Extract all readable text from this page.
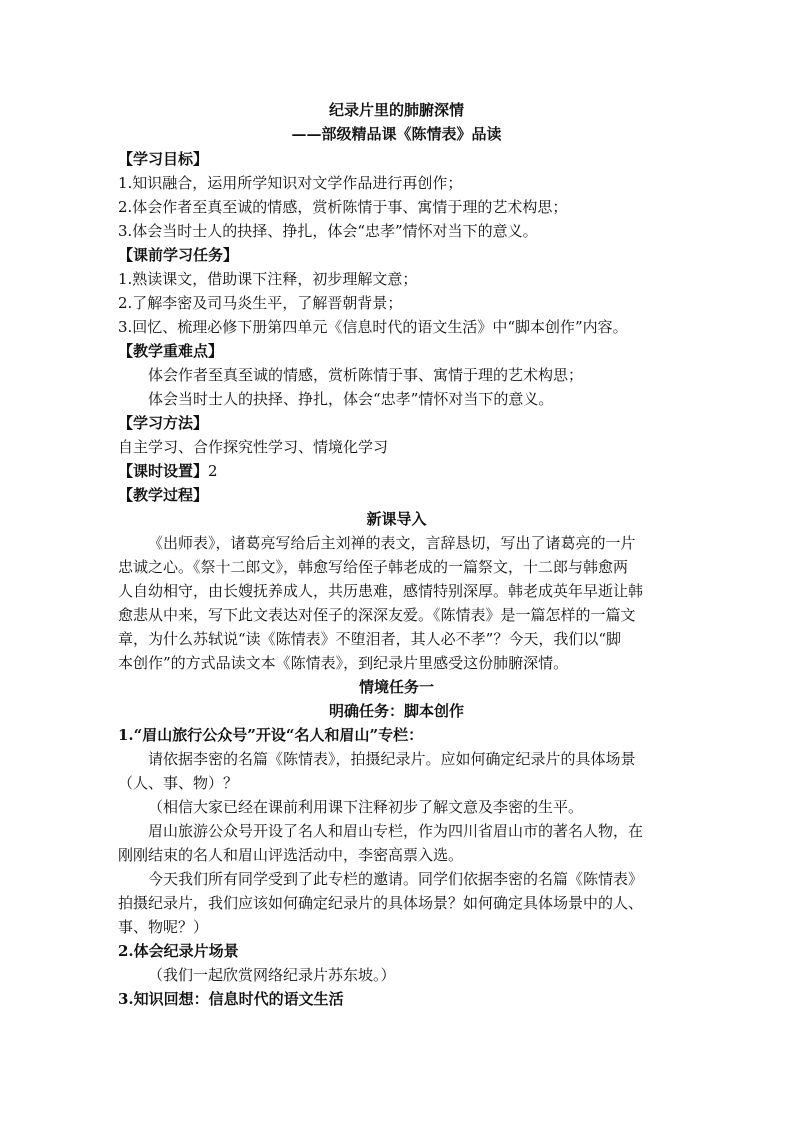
纪录片里的肺腑深情
——部级精品课《陈情表》品读
【学习目标】
1.知识融合，运用所学知识对文学作品进行再创作；
2.体会作者至真至诚的情感，赏析陈情于事、寓情于理的艺术构思；
3.体会当时士人的抉择、挣扎，体会“忠孝”情怀对当下的意义。
【课前学习任务】
1.熟读课文，借助课下注释，初步理解文意；
2.了解李密及司马炎生平，了解晋朝背景；
3.回忆、梳理必修下册第四单元《信息时代的语文生活》中“脚本创作”内容。
【教学重难点】
体会作者至真至诚的情感，赏析陈情于事、寓情于理的艺术构思；
体会当时士人的抉择、挣扎，体会“忠孝”情怀对当下的意义。
【学习方法】
自主学习、合作探究性学习、情境化学习
【课时设置】2
【教学过程】
新课导入
《出师表》，诸葛亮写给后主刘禅的表文，言辞恳切，写出了诸葛亮的一片
忠诚之心。《祭十二郎文》，韩愈写给侄子韩老成的一篇祭文，十二郎与韩愈两
人自幼相守，由长嫂抚养成人，共历患难，感情特别深厚。韩老成英年早逝让韩
愈悲从中来，写下此文表达对侄子的深深友爱。《陈情表》是一篇怎样的一篇文
章，为什么苏轼说“读《陈情表》不堕泪者，其人必不孝”？今天，我们以“脚
本创作”的方式品读文本《陈情表》，到纪录片里感受这份肺腑深情。
情境任务一
明确任务：脚本创作
1.“眉山旅行公众号”开设“名人和眉山”专栏：
请依据李密的名篇《陈情表》，拍摄纪录片。应如何确定纪录片的具体场景
（人、事、物）？
（相信大家已经在课前利用课下注释初步了解文意及李密的生平。
眉山旅游公众号开设了名人和眉山专栏，作为四川省眉山市的著名人物，在
刚刚结束的名人和眉山评选活动中，李密高票入选。
今天我们所有同学受到了此专栏的邀请。同学们依据李密的名篇《陈情表》
拍摄纪录片，我们应该如何确定纪录片的具体场景？如何确定具体场景中的人、
事、物呢？）
2.体会纪录片场景
（我们一起欣赏网络纪录片苏东坡。）
3.知识回想：信息时代的语文生活
